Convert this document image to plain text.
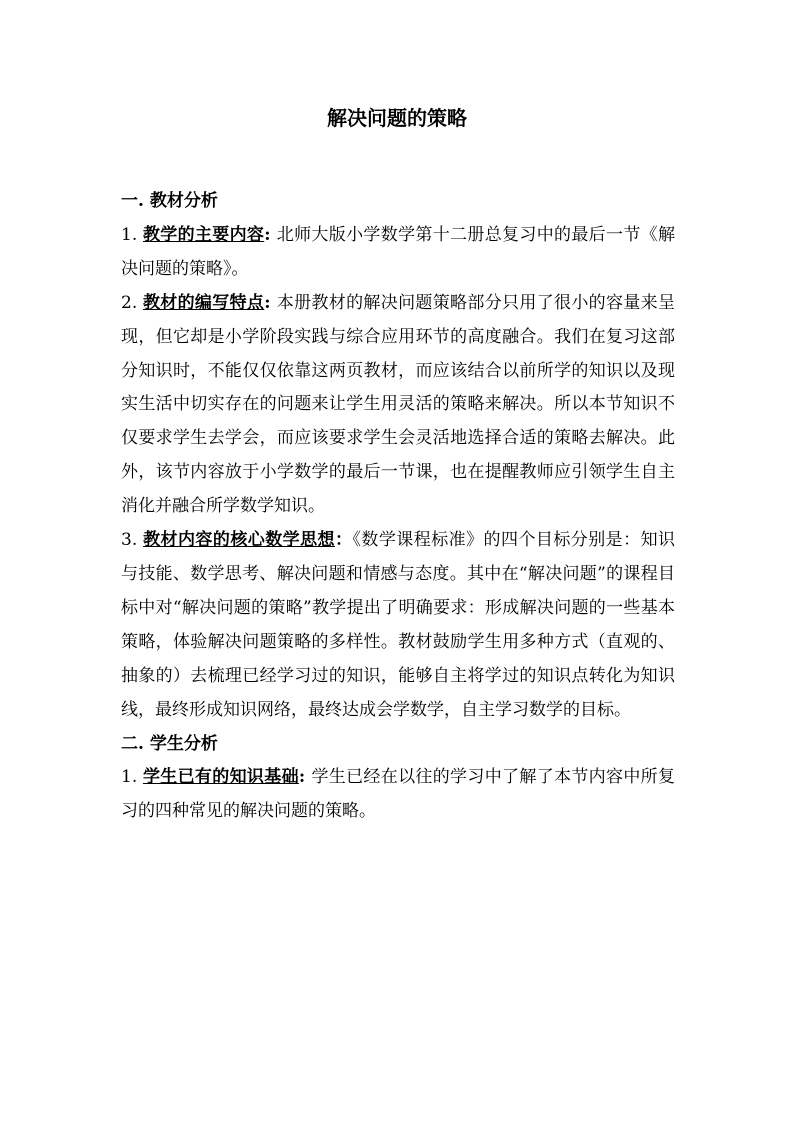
解决问题的策略

一. 教材分析

1. 教学的主要内容: 北师大版小学数学第十二册总复习中的最后一节《解决问题的策略》。

2. 教材的编写特点: 本册教材的解决问题策略部分只用了很小的容量来呈现，但它却是小学阶段实践与综合应用环节的高度融合。我们在复习这部分知识时，不能仅仅依靠这两页教材，而应该结合以前所学的知识以及现实生活中切实存在的问题来让学生用灵活的策略来解决。所以本节知识不仅要求学生去学会，而应该要求学生会灵活地选择合适的策略去解决。此外，该节内容放于小学数学的最后一节课，也在提醒教师应引领学生自主消化并融合所学数学知识。

3. 教材内容的核心数学思想：《数学课程标准》的四个目标分别是：知识与技能、数学思考、解决问题和情感与态度。其中在“解决问题”的课程目标中对“解决问题的策略”教学提出了明确要求：形成解决问题的一些基本策略，体验解决问题策略的多样性。教材鼓励学生用多种方式（直观的、抽象的）去梳理已经学习过的知识，能够自主将学过的知识点转化为知识线，最终形成知识网络，最终达成会学数学，自主学习数学的目标。

二. 学生分析

1. 学生已有的知识基础: 学生已经在以往的学习中了解了本节内容中所复习的四种常见的解决问题的策略。
